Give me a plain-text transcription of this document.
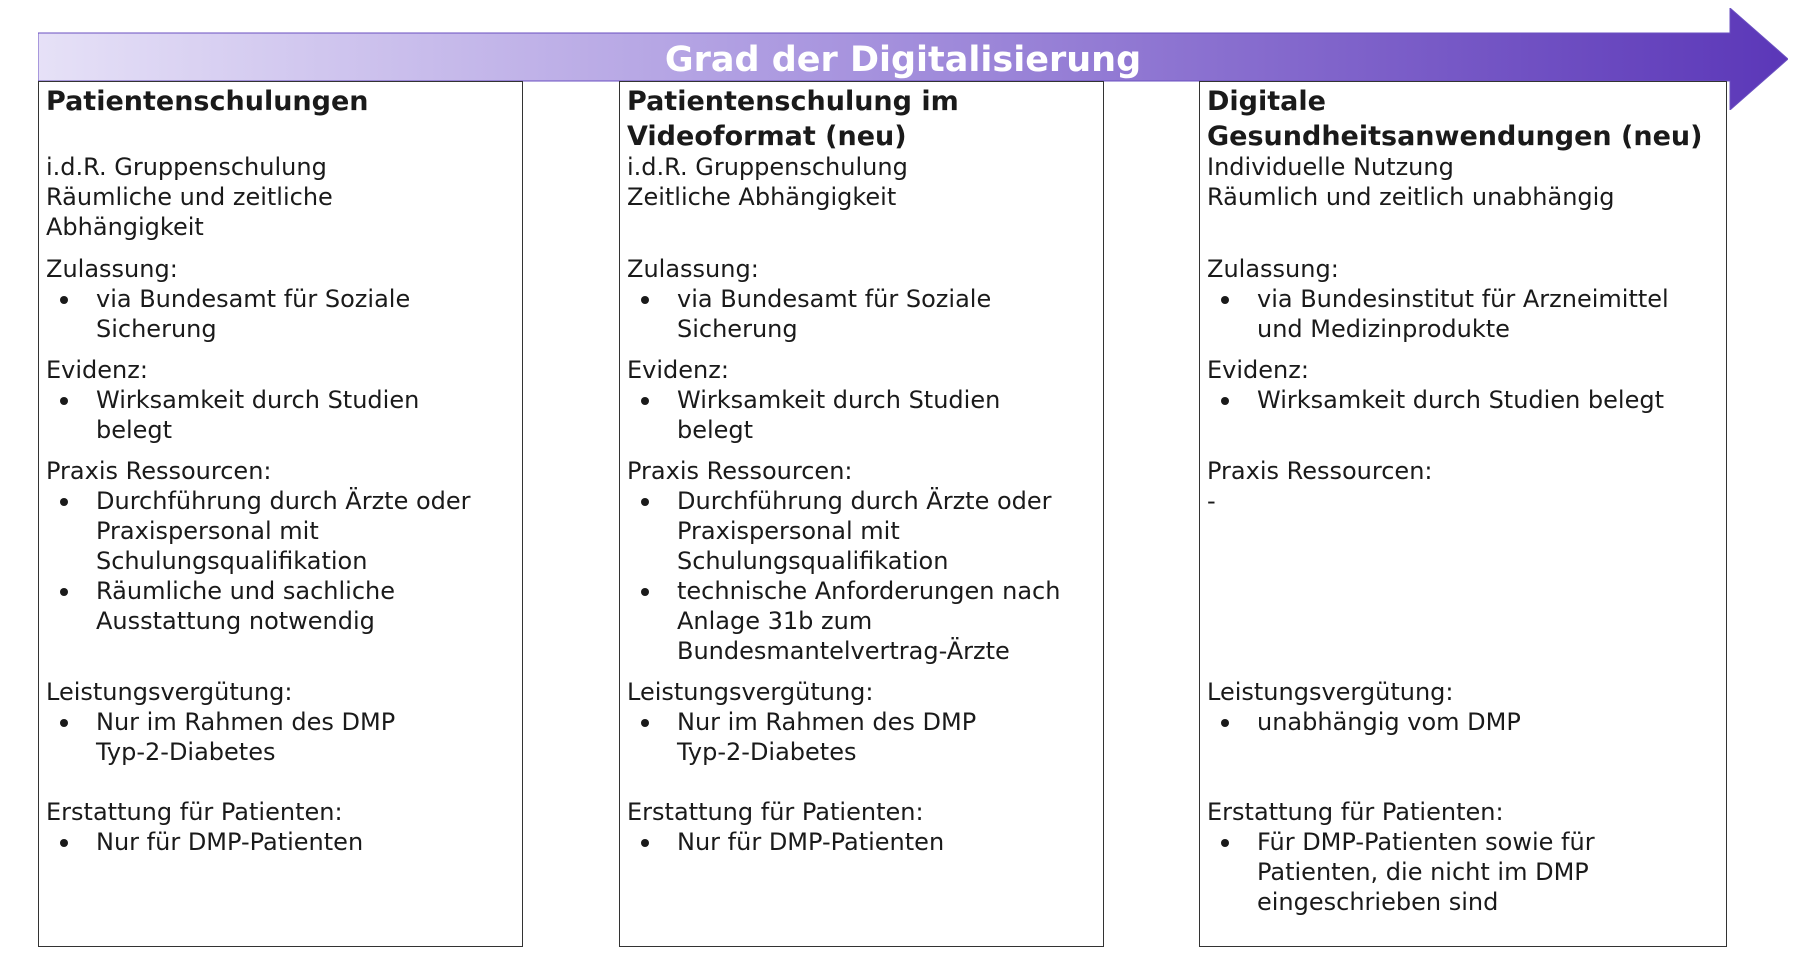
Grad der Digitalisierung

Patientenschulungen

i.d.R. Gruppenschulung

Räumliche und zeitliche

Abhängigkeit

Zulassung:

via Bundesamt für Soziale
Sicherung

Evidenz:

Wirksamkeit durch Studien
belegt

Praxis Ressourcen:

Durchführung durch Ärzte oder
Praxispersonal mit
Schulungsqualifikation
Räumliche und sachliche
Ausstattung notwendig

Leistungsvergütung:

Nur im Rahmen des DMP
Typ-2-Diabetes

Erstattung für Patienten:

Nur für DMP-Patienten

Patientenschulung im

Videoformat (neu)

i.d.R. Gruppenschulung

Zeitliche Abhängigkeit

Zulassung:

via Bundesamt für Soziale
Sicherung

Evidenz:

Wirksamkeit durch Studien
belegt

Praxis Ressourcen:

Durchführung durch Ärzte oder
Praxispersonal mit
Schulungsqualifikation
technische Anforderungen nach
Anlage 31b zum
Bundesmantelvertrag-Ärzte

Leistungsvergütung:

Nur im Rahmen des DMP
Typ-2-Diabetes

Erstattung für Patienten:

Nur für DMP-Patienten

Digitale

Gesundheitsanwendungen (neu)

Individuelle Nutzung

Räumlich und zeitlich unabhängig

Zulassung:

via Bundesinstitut für Arzneimittel
und Medizinprodukte

Evidenz:

Wirksamkeit durch Studien belegt

Praxis Ressourcen:

-

Leistungsvergütung:

unabhängig vom DMP

Erstattung für Patienten:

Für DMP-Patienten sowie für
Patienten, die nicht im DMP
eingeschrieben sind
